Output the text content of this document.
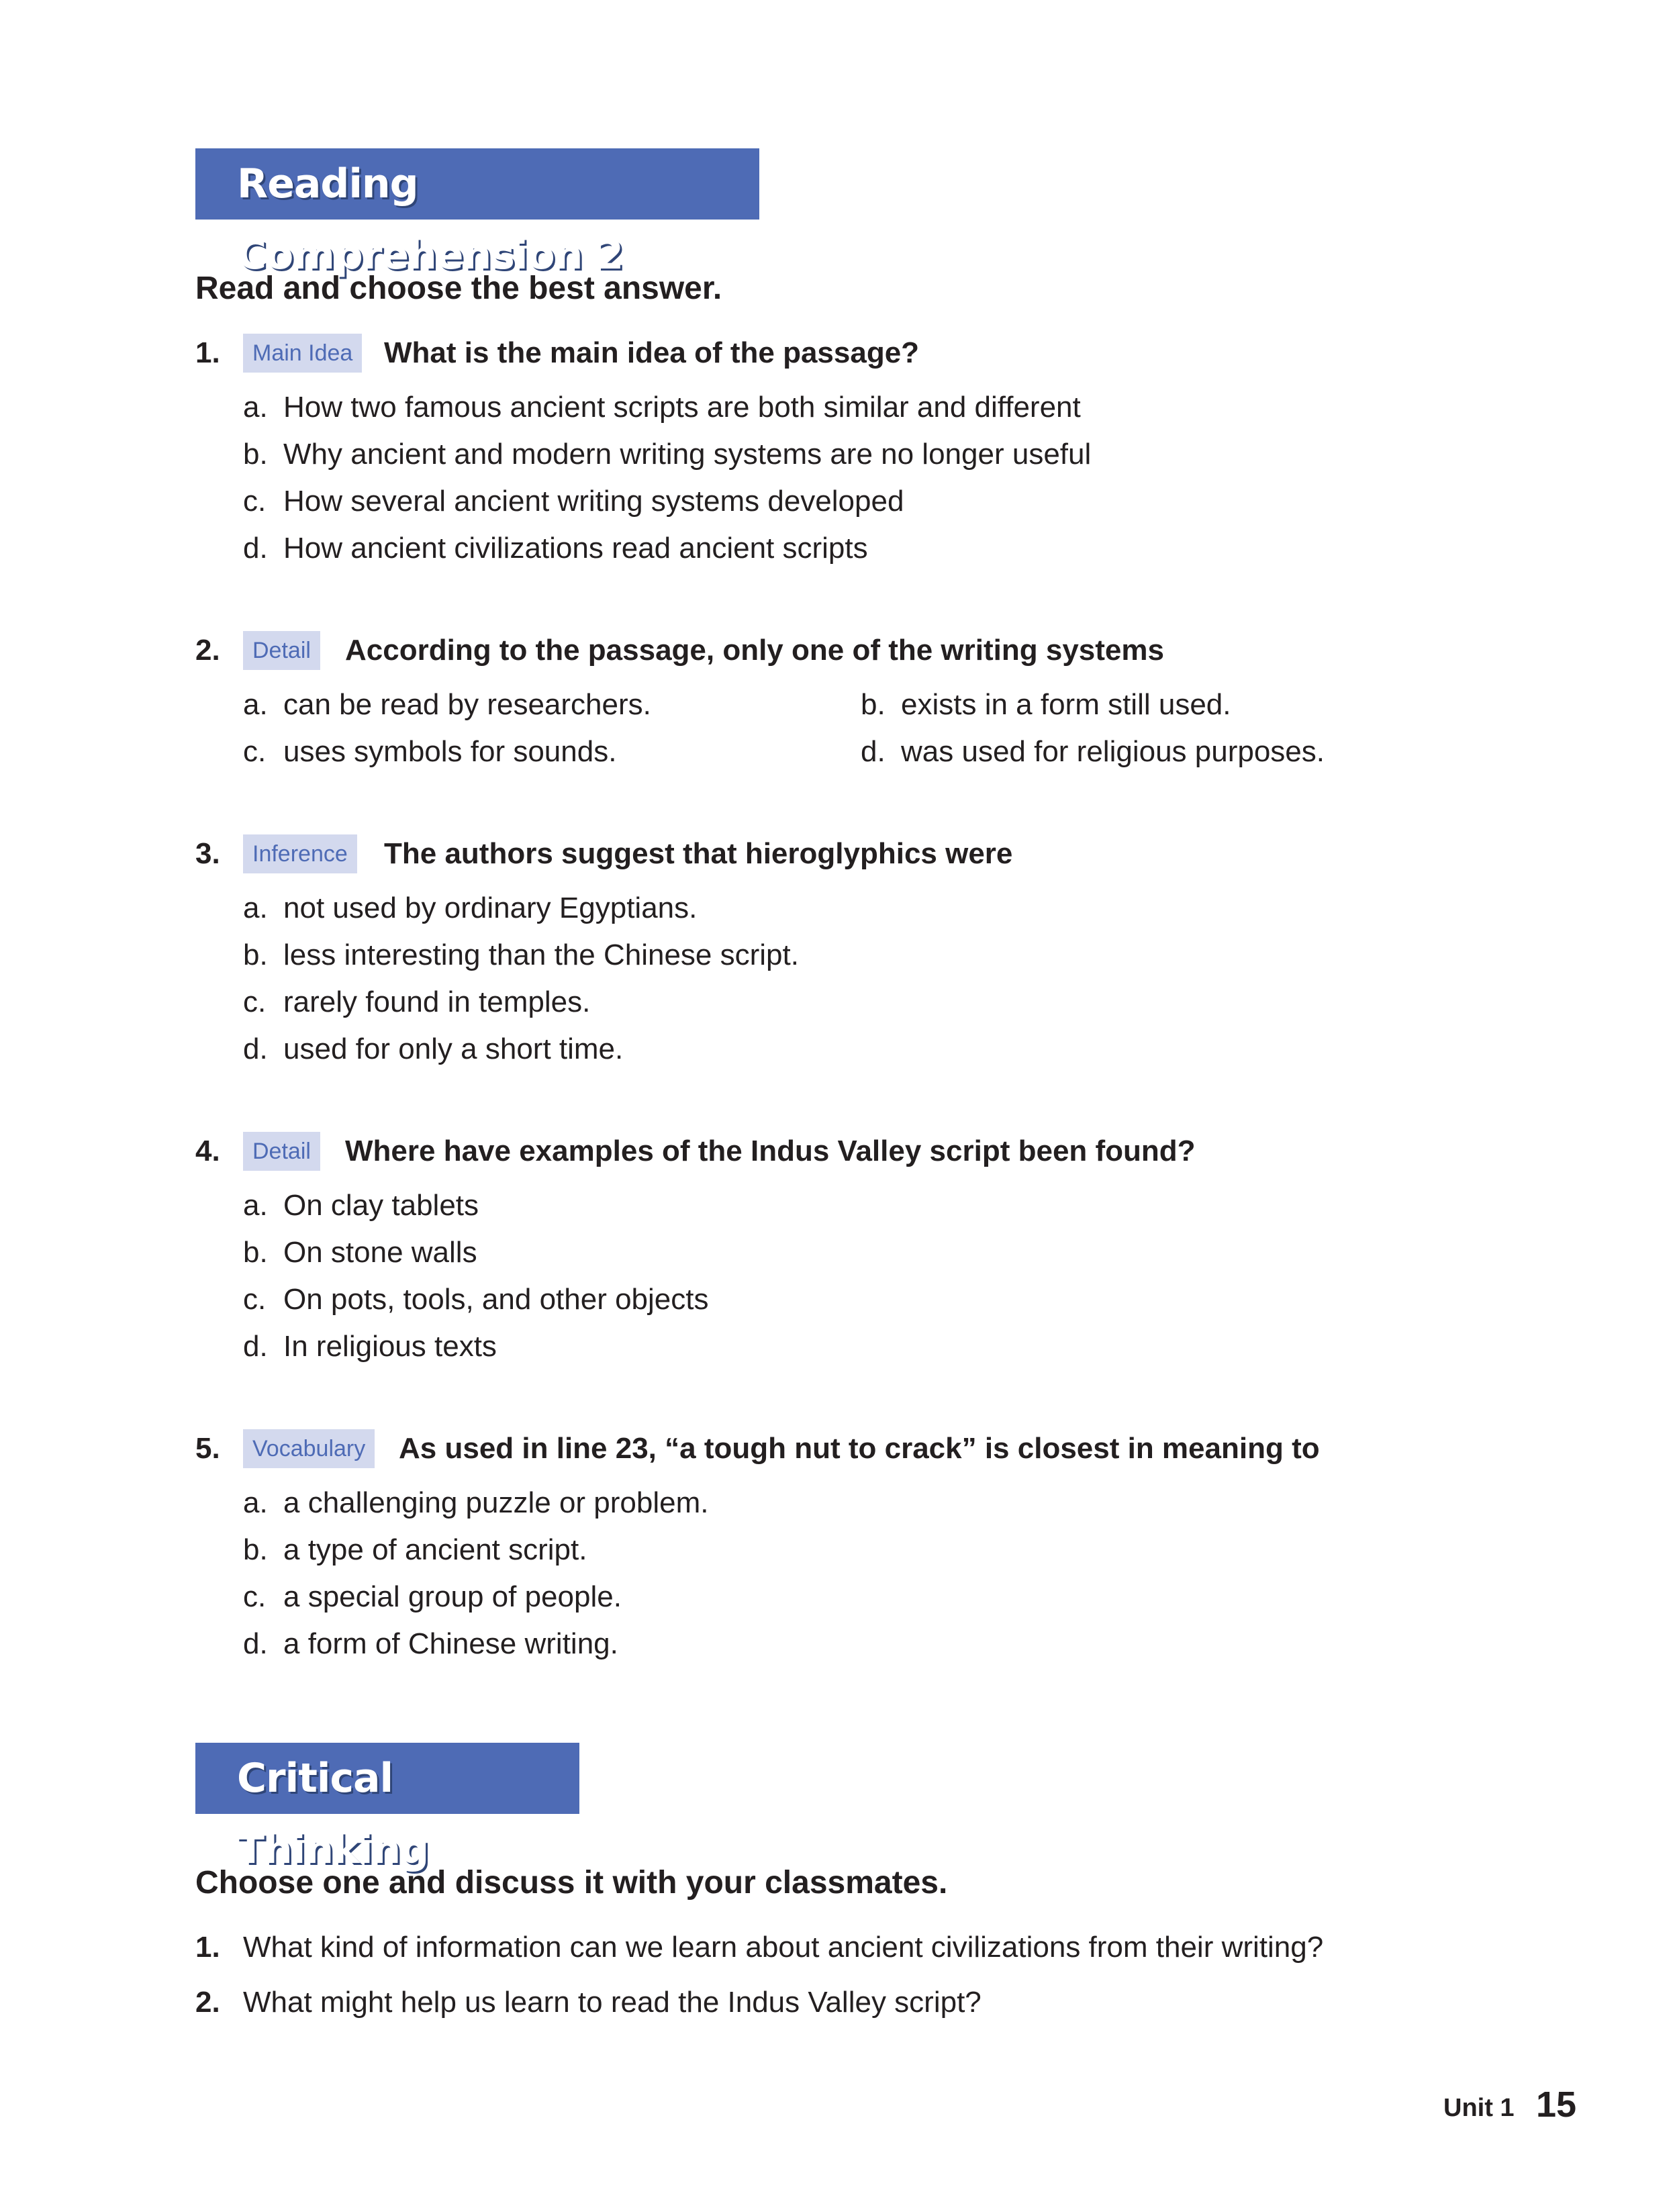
Reading Comprehension 2
Read and choose the best answer.
1.	Main Idea	What is the main idea of the passage?
a. How two famous ancient scripts are both similar and different
b. Why ancient and modern writing systems are no longer useful
c. How several ancient writing systems developed
d. How ancient civilizations read ancient scripts
2.	Detail	According to the passage, only one of the writing systems
a. can be read by researchers.	b. exists in a form still used.
c. uses symbols for sounds.	d. was used for religious purposes.
3.	Inference	The authors suggest that hieroglyphics were
a. not used by ordinary Egyptians.
b. less interesting than the Chinese script.
c. rarely found in temples.
d. used for only a short time.
4.	Detail	Where have examples of the Indus Valley script been found?
a. On clay tablets
b. On stone walls
c. On pots, tools, and other objects
d. In religious texts
5.	Vocabulary	As used in line 23, “a tough nut to crack” is closest in meaning to
a. a challenging puzzle or problem.
b. a type of ancient script.
c. a special group of people.
d. a form of Chinese writing.
Critical Thinking
Choose one and discuss it with your classmates.
1. What kind of information can we learn about ancient civilizations from their writing?
2. What might help us learn to read the Indus Valley script?
Unit 1 15
